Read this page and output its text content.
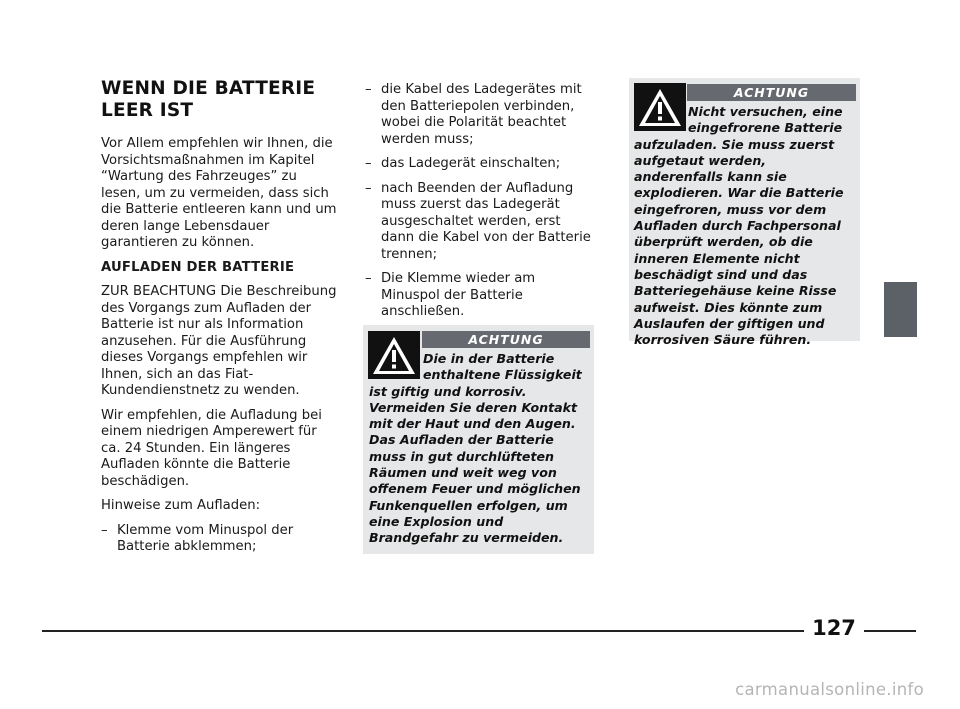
WENN DIE BATTERIE
LEER IST

Vor Allem empfehlen wir Ihnen, die Vorsichtsmaßnahmen im Kapitel “Wartung des Fahrzeuges” zu lesen, um zu vermeiden, dass sich die Batterie entleeren kann und um deren lange Lebensdauer garantieren zu können.

AUFLADEN DER BATTERIE

ZUR BEACHTUNG Die Beschreibung des Vorgangs zum Aufladen der Batterie ist nur als Information anzusehen. Für die Ausführung dieses Vorgangs empfehlen wir Ihnen, sich an das Fiat-Kundendienstnetz zu wenden.

Wir empfehlen, die Aufladung bei einem niedrigen Amperewert für ca. 24 Stunden. Ein längeres Aufladen könnte die Batterie beschädigen.

Hinweise zum Aufladen:

– Klemme vom Minuspol der Batterie abklemmen;
– die Kabel des Ladegerätes mit den Batteriepolen verbinden, wobei die Polarität beachtet werden muss;
– das Ladegerät einschalten;
– nach Beenden der Aufladung muss zuerst das Ladegerät ausgeschaltet werden, erst dann die Kabel von der Batterie trennen;
– Die Klemme wieder am Minuspol der Batterie anschließen.
ACHTUNG
Die in der Batterie
enthaltene Flüssigkeit
ist giftig und korrosiv. Vermeiden Sie deren Kontakt mit der Haut und den Augen. Das Aufladen der Batterie muss in gut durchlüfteten Räumen und weit weg von offenem Feuer und möglichen Funkenquellen erfolgen, um eine Explosion und Brandgefahr zu vermeiden.
ACHTUNG
Nicht versuchen, eine
eingefrorene Batterie
aufzuladen. Sie muss zuerst aufgetaut werden, anderenfalls kann sie explodieren. War die Batterie eingefroren, muss vor dem Aufladen durch Fachpersonal überprüft werden, ob die inneren Elemente nicht beschädigt sind und das Batteriegehäuse keine Risse aufweist. Dies könnte zum Auslaufen der giftigen und korrosiven Säure führen.
127
carmanualsonline.info
